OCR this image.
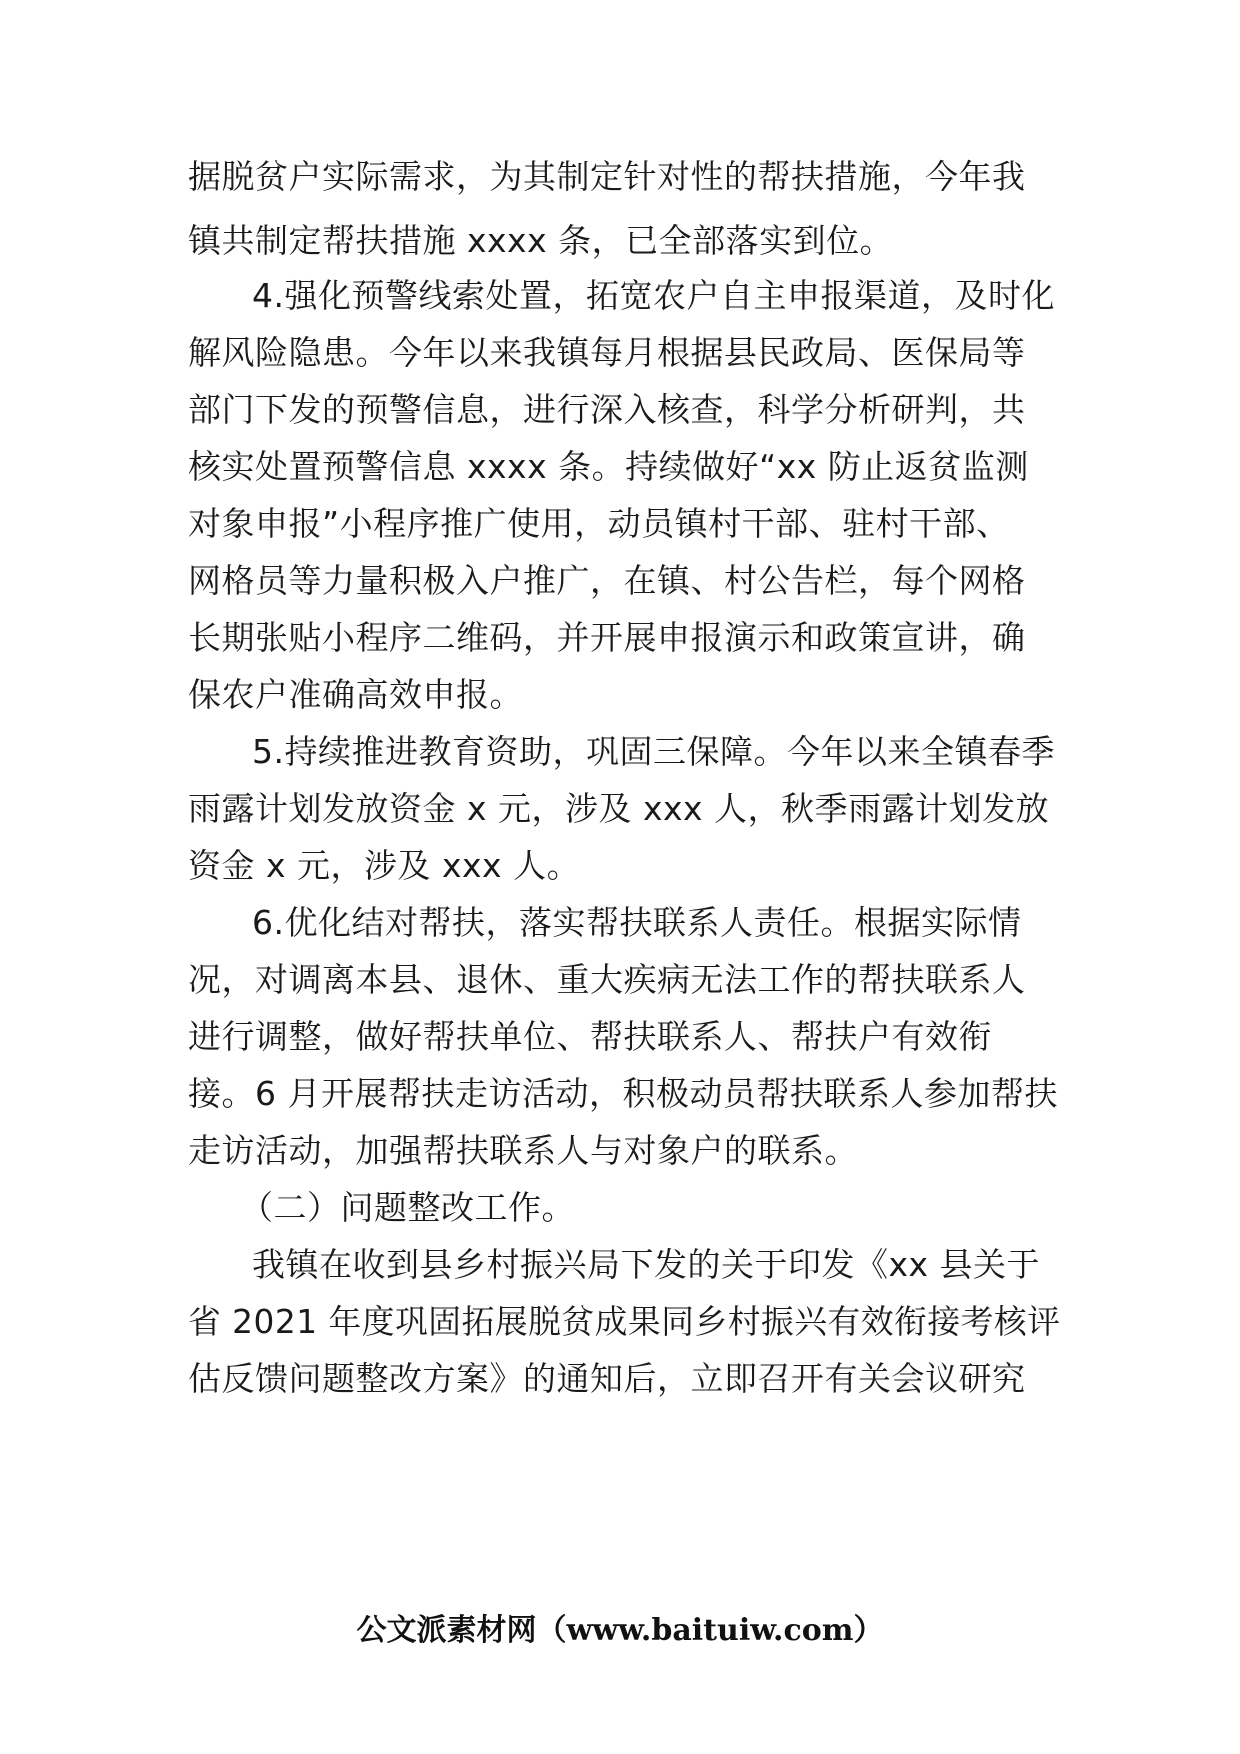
据脱贫户实际需求，为其制定针对性的帮扶措施，今年我
镇共制定帮扶措施 xxxx 条，已全部落实到位。
4.强化预警线索处置，拓宽农户自主申报渠道，及时化
解风险隐患。今年以来我镇每月根据县民政局、医保局等
部门下发的预警信息，进行深入核查，科学分析研判，共
核实处置预警信息 xxxx 条。持续做好“xx 防止返贫监测
对象申报”小程序推广使用，动员镇村干部、驻村干部、
网格员等力量积极入户推广，在镇、村公告栏，每个网格
长期张贴小程序二维码，并开展申报演示和政策宣讲，确
保农户准确高效申报。
5.持续推进教育资助，巩固三保障。今年以来全镇春季
雨露计划发放资金 x 元，涉及 xxx 人，秋季雨露计划发放
资金 x 元，涉及 xxx 人。
6.优化结对帮扶，落实帮扶联系人责任。根据实际情
况，对调离本县、退休、重大疾病无法工作的帮扶联系人
进行调整，做好帮扶单位、帮扶联系人、帮扶户有效衔
接。6 月开展帮扶走访活动，积极动员帮扶联系人参加帮扶
走访活动，加强帮扶联系人与对象户的联系。
（二）问题整改工作。
我镇在收到县乡村振兴局下发的关于印发《xx 县关于
省 2021 年度巩固拓展脱贫成果同乡村振兴有效衔接考核评
估反馈问题整改方案》的通知后，立即召开有关会议研究
公文派素材网（www.baituiw.com）
